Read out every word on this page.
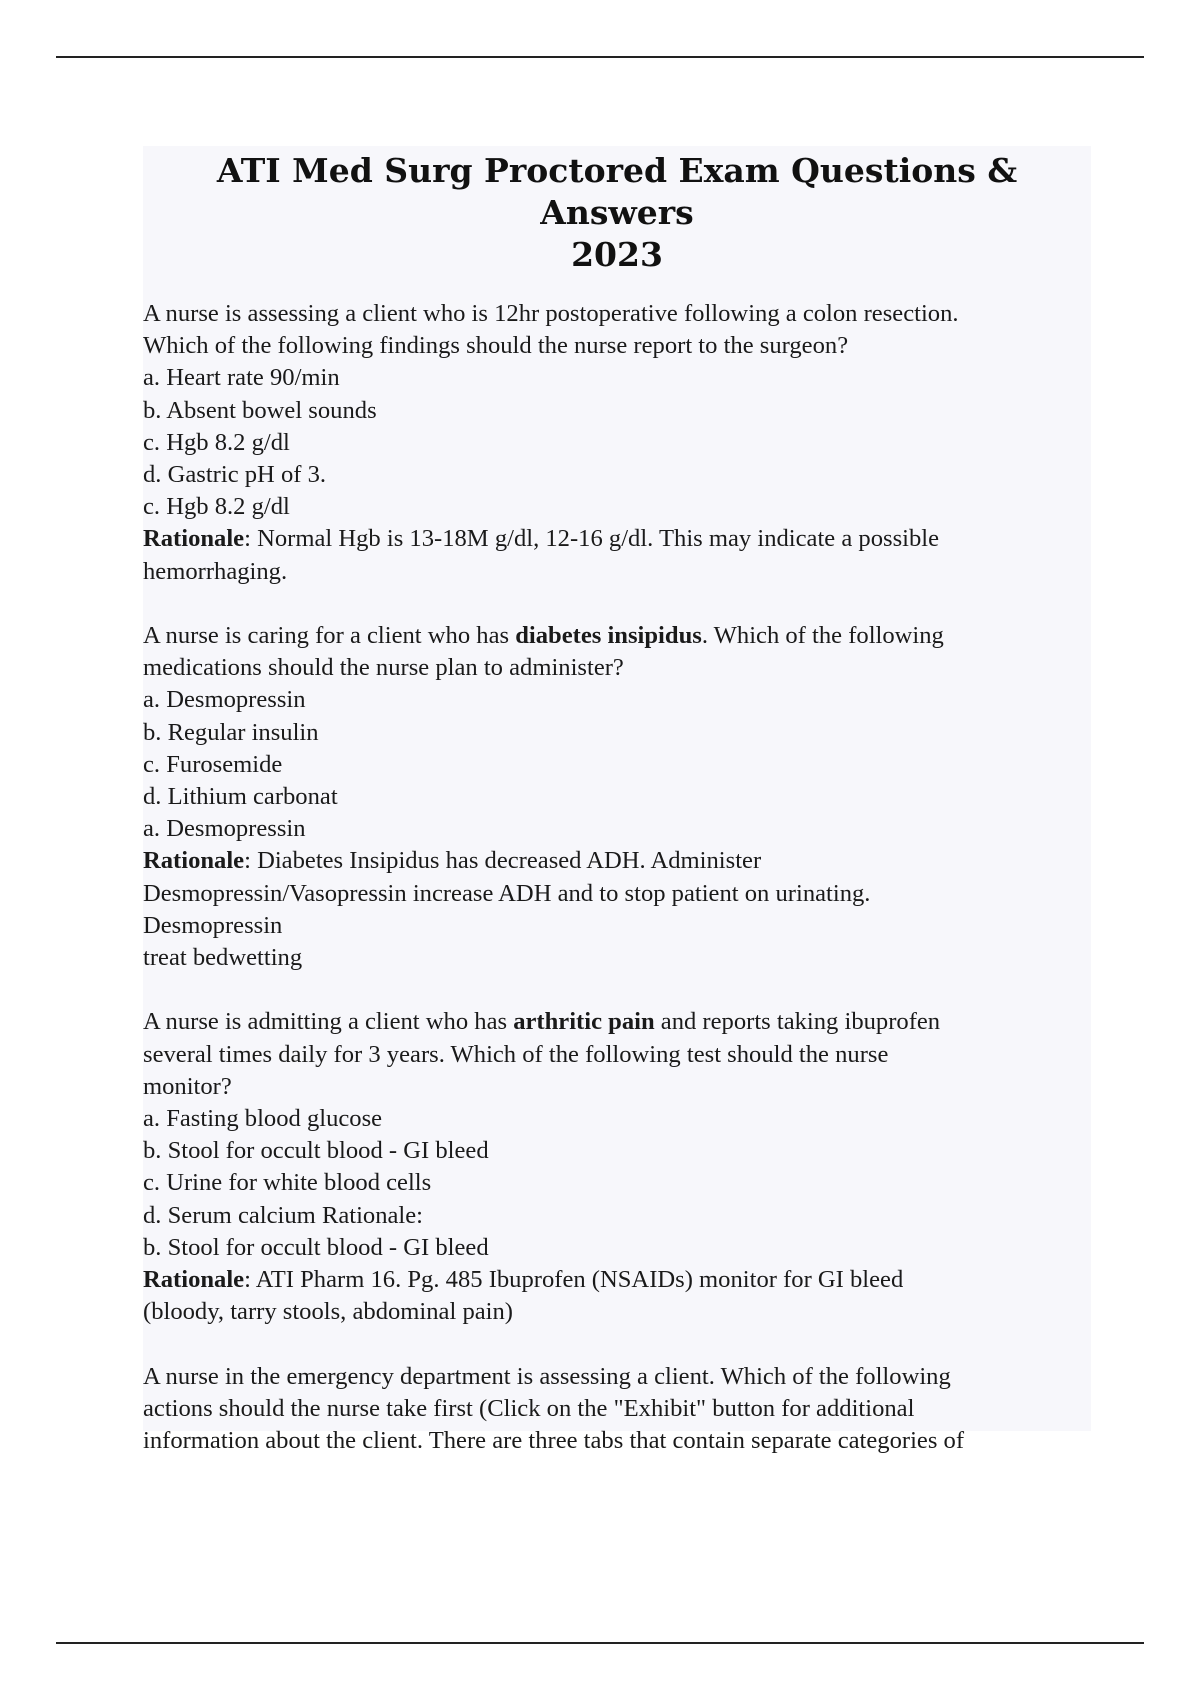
ATI Med Surg Proctored Exam Questions & Answers
2023
A nurse is assessing a client who is 12hr postoperative following a colon resection.
Which of the following findings should the nurse report to the surgeon?
a. Heart rate 90/min
b. Absent bowel sounds
c. Hgb 8.2 g/dl
d. Gastric pH of 3.
c. Hgb 8.2 g/dl
Rationale: Normal Hgb is 13-18M g/dl, 12-16 g/dl. This may indicate a possible
hemorrhaging.
A nurse is caring for a client who has diabetes insipidus. Which of the following
medications should the nurse plan to administer?
a. Desmopressin
b. Regular insulin
c. Furosemide
d. Lithium carbonat
a. Desmopressin
Rationale: Diabetes Insipidus has decreased ADH. Administer
Desmopressin/Vasopressin increase ADH and to stop patient on urinating.
Desmopressin
treat bedwetting
A nurse is admitting a client who has arthritic pain and reports taking ibuprofen
several times daily for 3 years. Which of the following test should the nurse
monitor?
a. Fasting blood glucose
b. Stool for occult blood - GI bleed
c. Urine for white blood cells
d. Serum calcium Rationale:
b. Stool for occult blood - GI bleed
Rationale: ATI Pharm 16. Pg. 485 Ibuprofen (NSAIDs) monitor for GI bleed
(bloody, tarry stools, abdominal pain)
A nurse in the emergency department is assessing a client. Which of the following
actions should the nurse take first (Click on the "Exhibit" button for additional
information about the client. There are three tabs that contain separate categories of
